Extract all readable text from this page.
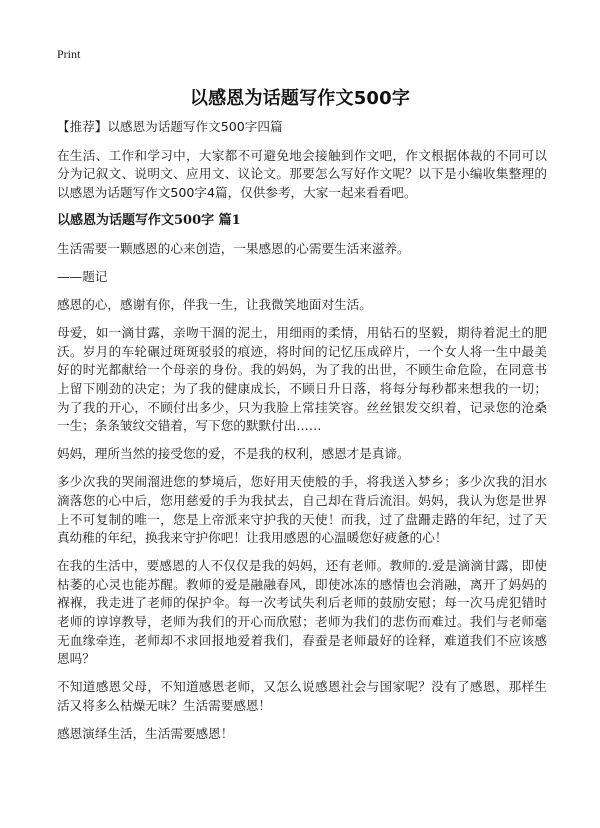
Print
以感恩为话题写作文500字

【推荐】以感恩为话题写作文500字四篇

在生活、工作和学习中，大家都不可避免地会接触到作文吧，作文根据体裁的不同可以分为记叙文、说明文、应用文、议论文。那要怎么写好作文呢？以下是小编收集整理的以感恩为话题写作文500字4篇，仅供参考，大家一起来看看吧。

以感恩为话题写作文500字 篇1

生活需要一颗感恩的心来创造，一果感恩的心需要生活来滋养。

——题记

感恩的心，感谢有你，伴我一生，让我微笑地面对生活。

母爱，如一滴甘露，亲吻干涸的泥土，用细雨的柔情，用钻石的坚毅，期待着泥土的肥沃。岁月的车轮碾过斑斑驳驳的痕迹，将时间的记忆压成碎片，一个女人将一生中最美好的时光都献给一个母亲的身份。我的妈妈，为了我的出世，不顾生命危险，在同意书上留下刚劲的决定；为了我的健康成长，不顾日升日落，将每分每秒都来想我的一切；为了我的开心，不顾付出多少，只为我脸上常挂笑容。丝丝银发交织着，记录您的沧桑一生；条条皱纹交错着，写下您的默默付出……

妈妈，理所当然的接受您的爱，不是我的权利，感恩才是真谛。

多少次我的哭闹溜进您的梦境后，您好用天使般的手，将我送入梦乡；多少次我的泪水滴落您的心中后，您用慈爱的手为我拭去，自己却在背后流泪。妈妈，我认为您是世界上不可复制的唯一，您是上帝派来守护我的天使！而我，过了盘跚走路的年纪，过了天真幼稚的年纪，换我来守护你吧！让我用感恩的心温暖您好疲惫的心！

在我的生活中，要感恩的人不仅仅是我的妈妈，还有老师。教师的.爱是滴滴甘露，即使枯萎的心灵也能苏醒。教师的爱是融融春风，即使冰冻的感情也会消融，离开了妈妈的褓褓，我走进了老师的保护伞。每一次考试失利后老师的鼓励安慰；每一次马虎犯错时老师的谆谆教导，老师为我们的开心而欣慰；老师为我们的悲伤而难过。我们与老师毫无血缘牵连，老师却不求回报地爱着我们，春蚕是老师最好的诠释，难道我们不应该感恩吗？

不知道感恩父母，不知道感恩老师，又怎么说感恩社会与国家呢？没有了感恩，那样生活又将多么枯燥无味？生活需要感恩！

感恩演绎生活，生活需要感恩！
